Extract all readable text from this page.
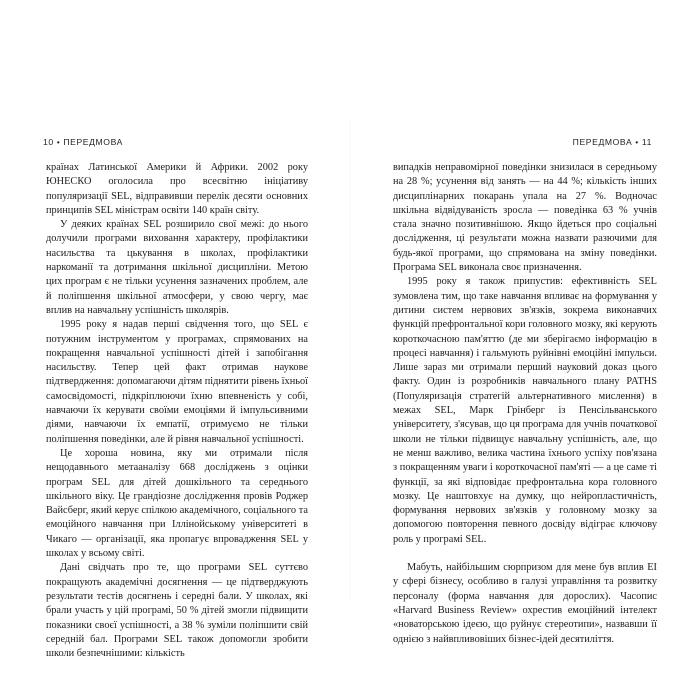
10 • ПЕРЕДМОВА	ПЕРЕДМОВА • 11

країнах Латинської Америки й Африки. 2002 року ЮНЕСКО оголосила про всесвітню ініціативу популяризації SEL, відправивши перелік десяти основних принципів SEL міністрам освіти 140 країн світу.

У деяких країнах SEL розширило свої межі: до нього долучили програми виховання характеру, профілактики насильства та цькування в школах, профілактики наркоманії та дотримання шкільної дисципліни. Метою цих програм є не тільки усунення зазначених проблем, але й поліпшення шкільної атмосфери, у свою чергу, має вплив на навчальну успішність школярів.

1995 року я надав перші свідчення того, що SEL є потужним інструментом у програмах, спрямованих на покращення навчальної успішності дітей і запобігання насильству. Тепер цей факт отримав наукове підтвердження: допомагаючи дітям піднятити рівень їхньої самосвідомості, підкріплюючи їхню впевненість у собі, навчаючи їх керувати своїми емоціями й імпульсивними діями, навчаючи їх емпатії, отримуємо не тільки поліпшення поведінки, але й рівня навчальної успішності.

Це хороша новина, яку ми отримали після нещодавнього метааналізу 668 досліджень з оцінки програм SEL для дітей дошкільного та середнього шкільного віку. Це грандіозне дослідження провів Роджер Вайсберг, який керує спілкою академічного, соціального та емоційного навчання при Іллінойському університеті в Чикаго — організації, яка пропагує впровадження SEL у школах у всьому світі.

Дані свідчать про те, що програми SEL суттєво покращують академічні досягнення — це підтверджують результати тестів досягнень і середні бали. У школах, які брали участь у цій програмі, 50 % дітей змогли підвищити показники своєї успішності, а 38 % зуміли поліпшити свій середній бал. Програми SEL також допомогли зробити школи безпечнішими: кількість

випадків неправомірної поведінки знизилася в середньому на 28 %; усунення від занять — на 44 %; кількість інших дисциплінарних покарань упала на 27 %. Водночас шкільна відвідуваність зросла — поведінка 63 % учнів стала значно позитивнішою. Якщо йдеться про соціальні дослідження, ці результати можна назвати разючими для будь-якої програми, що спрямована на зміну поведінки. Програма SEL виконала своє призначення.

1995 року я також припустив: ефективність SEL зумовлена тим, що таке навчання впливає на формування у дитини систем нервових зв'язків, зокрема виконавчих функцій префронтальної кори головного мозку, які керують короткочасною пам'яттю (де ми зберігаємо інформацію в процесі навчання) і гальмують руйнівні емоційні імпульси. Лише зараз ми отримали перший науковий доказ цього факту. Один із розробників навчального плану PATHS (Популяризація стратегій альтернативного мислення) в межах SEL, Марк Грінберг із Пенсільванського університету, з'ясував, що ця програма для учнів початкової школи не тільки підвищує навчальну успішність, але, що не менш важливо, велика частина їхнього успіху пов'язана з покращенням уваги і короткочасної пам'яті — а це саме ті функції, за які відповідає префронтальна кора головного мозку. Це наштовхує на думку, що нейропластичність, формування нервових зв'язків у головному мозку за допомогою повторення певного досвіду відіграє ключову роль у програмі SEL.

Мабуть, найбільшим сюрпризом для мене був вплив EI у сфері бізнесу, особливо в галузі управління та розвитку персоналу (форма навчання для дорослих). Часопис «Harvard Business Review» охрестив емоційний інтелект «новаторською ідеєю, що руйнує стереотипи», назвавши її однією з найвпливовіших бізнес-ідей десятиліття.
